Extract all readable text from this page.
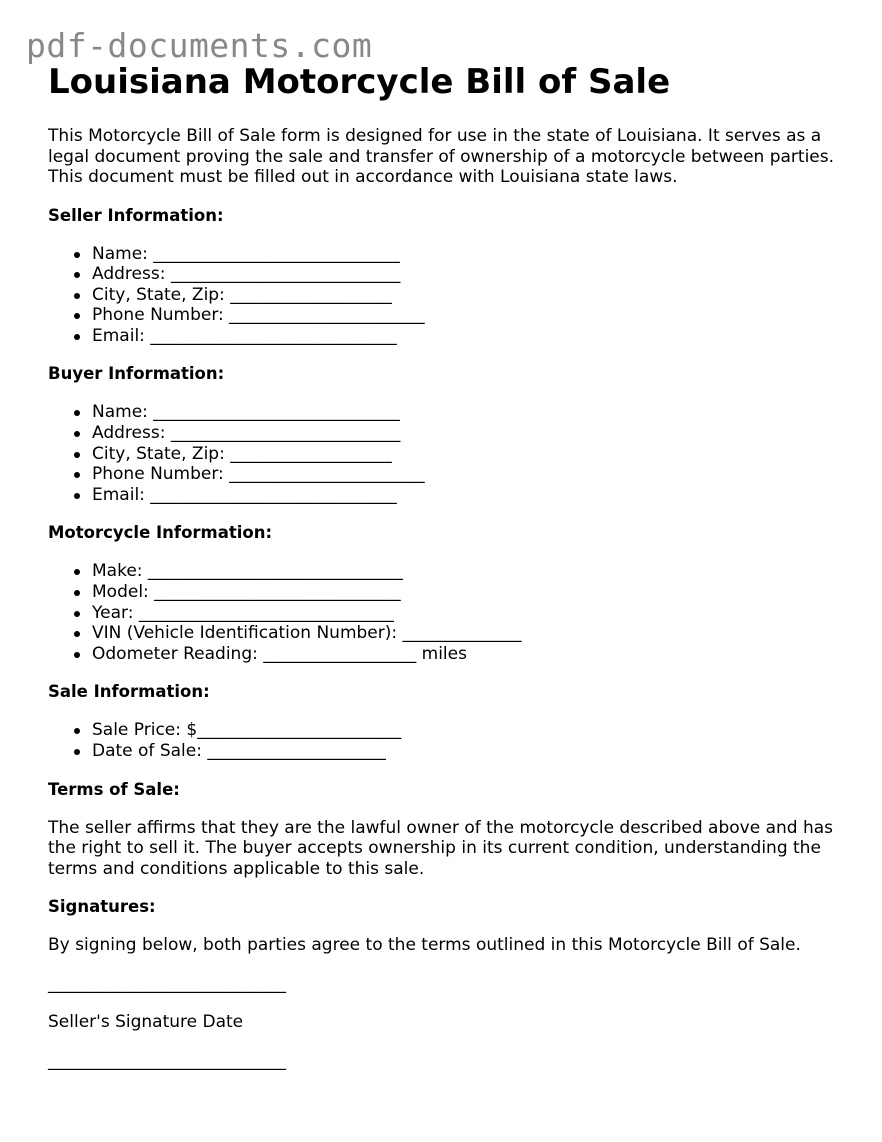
pdf-documents.com
Louisiana Motorcycle Bill of Sale

This Motorcycle Bill of Sale form is designed for use in the state of Louisiana. It serves as a legal document proving the sale and transfer of ownership of a motorcycle between parties. This document must be filled out in accordance with Louisiana state laws.

Seller Information:
Name: _____________________________
Address: ___________________________
City, State, Zip: ___________________
Phone Number: _______________________
Email: _____________________________
Buyer Information:
Name: _____________________________
Address: ___________________________
City, State, Zip: ___________________
Phone Number: _______________________
Email: _____________________________
Motorcycle Information:
Make: ______________________________
Model: _____________________________
Year: ______________________________
VIN (Vehicle Identification Number): ______________
Odometer Reading: __________________ miles
Sale Information:
Sale Price: $________________________
Date of Sale: _____________________
Terms of Sale:

The seller affirms that they are the lawful owner of the motorcycle described above and has the right to sell it. The buyer accepts ownership in its current condition, understanding the terms and conditions applicable to this sale.

Signatures:

By signing below, both parties agree to the terms outlined in this Motorcycle Bill of Sale.

____________________________
Seller's Signature Date
____________________________
